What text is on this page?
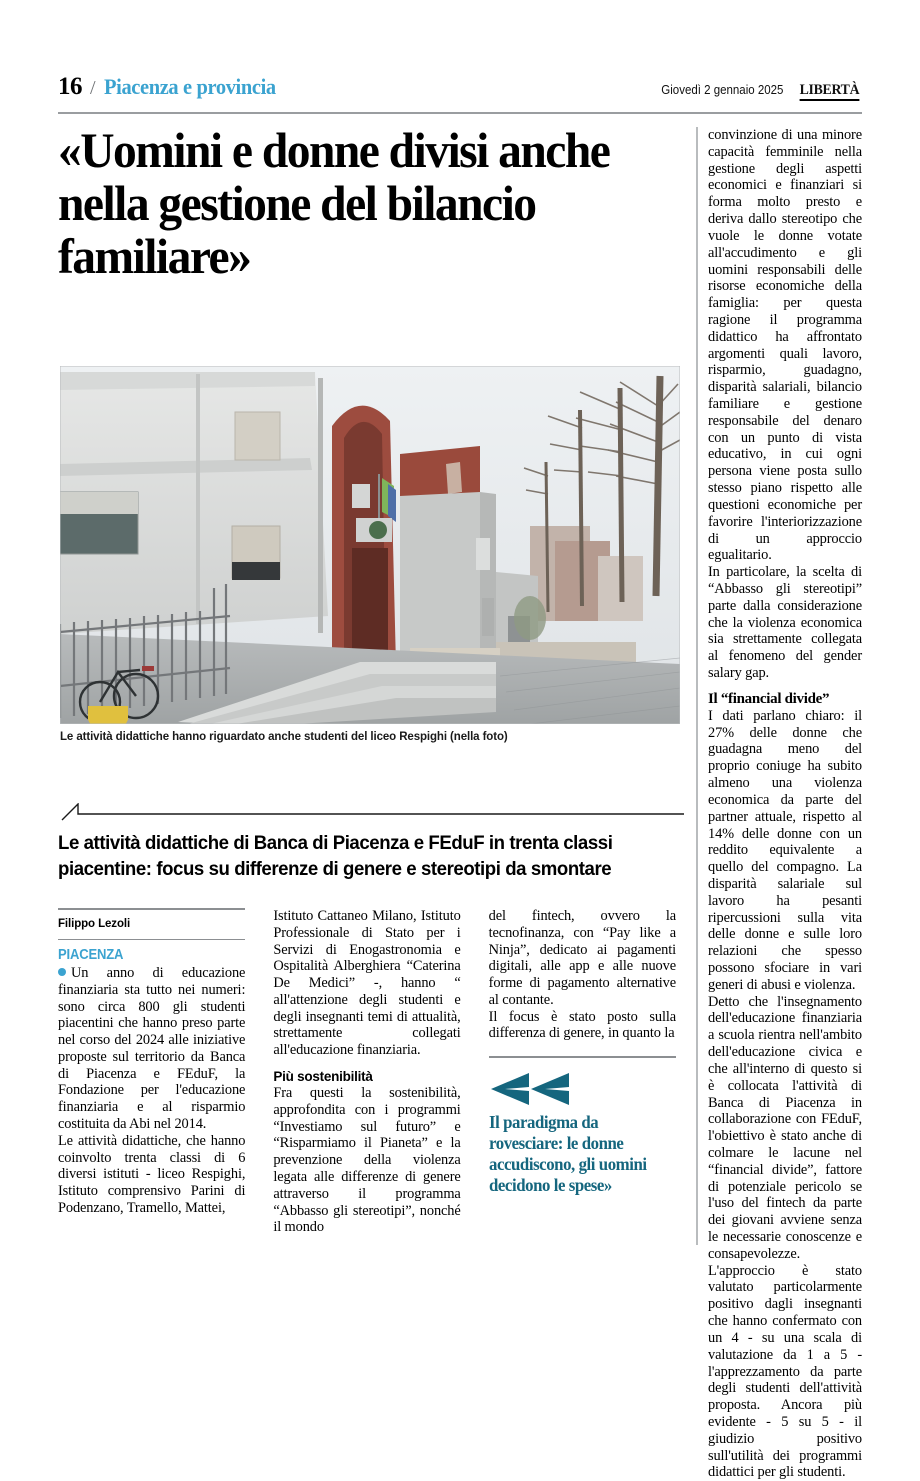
16 / Piacenza e provincia	Giovedì 2 gennaio 2025 LIBERTÀ
«Uomini e donne divisi anche nella gestione del bilancio familiare»
Le attività didattiche hanno riguardato anche studenti del liceo Respighi (nella foto)
Le attività didattiche di Banca di Piacenza e FEduF in trenta classi piacentine: focus su differenze di genere e stereotipi da smontare
Filippo Lezoli
PIACENZA

Un anno di educazione finanziaria sta tutto nei numeri: sono circa 800 gli studenti piacentini che hanno preso parte nel corso del 2024 alle iniziative proposte sul territorio da Banca di Piacenza e FEduF, la Fondazione per l'educazione finanziaria e al risparmio costituita da Abi nel 2014.

Le attività didattiche, che hanno coinvolto trenta classi di 6 diversi istituti - liceo Respighi, Istituto comprensivo Parini di Podenzano, Tramello, Mattei,

Istituto Cattaneo Milano, Istituto Professionale di Stato per i Servizi di Enogastronomia e Ospitalità Alberghiera “Caterina De Medici” -, hanno “ all'attenzione degli studenti e degli insegnanti temi di attualità, strettamente collegati all'educazione finanziaria.

Più sostenibilità

Fra questi la sostenibilità, approfondita con i programmi “Investiamo sul futuro” e “Risparmiamo il Pianeta” e la prevenzione della violenza legata alle differenze di genere attraverso il programma “Abbasso gli stereotipi”, nonché il mondo

del fintech, ovvero la tecnofinanza, con “Pay like a Ninja”, dedicato ai pagamenti digitali, alle app e alle nuove forme di pagamento alternative al contante.

Il focus è stato posto sulla differenza di genere, in quanto la

Il paradigma da rovesciare: le donne accudiscono, gli uomini decidono le spese»

convinzione di una minore capacità femminile nella gestione degli aspetti economici e finanziari si forma molto presto e deriva dallo stereotipo che vuole le donne votate all'accudimento e gli uomini responsabili delle risorse economiche della famiglia: per questa ragione il programma didattico ha affrontato argomenti quali lavoro, risparmio, guadagno, disparità salariali, bilancio familiare e gestione responsabile del denaro con un punto di vista educativo, in cui ogni persona viene posta sullo stesso piano rispetto alle questioni economiche per favorire l'interiorizzazione di un approccio egualitario.

In particolare, la scelta di “Abbasso gli stereotipi” parte dalla considerazione che la violenza economica sia strettamente collegata al fenomeno del gender salary gap.

Il “financial divide”

I dati parlano chiaro: il 27% delle donne che guadagna meno del proprio coniuge ha subito almeno una violenza economica da parte del partner attuale, rispetto al 14% delle donne con un reddito equivalente a quello del compagno. La disparità salariale sul lavoro ha pesanti ripercussioni sulla vita delle donne e sulle loro relazioni che spesso possono sfociare in vari generi di abusi e violenza.

Detto che l'insegnamento dell'educazione finanziaria a scuola rientra nell'ambito dell'educazione civica e che all'interno di questo si è collocata l'attività di Banca di Piacenza in collaborazione con FEduF, l'obiettivo è stato anche di colmare le lacune nel “financial divide”, fattore di potenziale pericolo se l'uso del fintech da parte dei giovani avviene senza le necessarie conoscenze e consapevolezze. L'approccio è stato valutato particolarmente positivo dagli insegnanti che hanno confermato con un 4 - su una scala di valutazione da 1 a 5 - l'apprezzamento da parte degli studenti dell'attività proposta. Ancora più evidente - 5 su 5 - il giudizio positivo sull'utilità dei programmi didattici per gli studenti.
